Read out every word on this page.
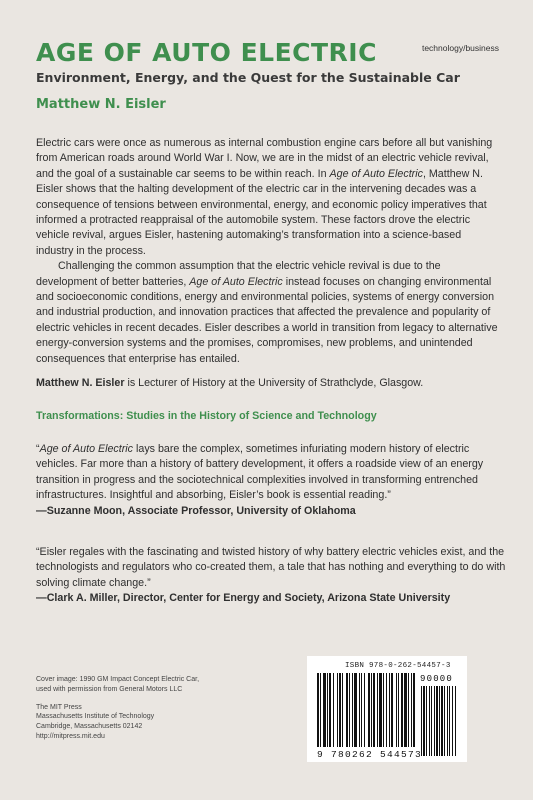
AGE OF AUTO ELECTRIC	technology/business
Environment, Energy, and the Quest for the Sustainable Car
Matthew N. Eisler

Electric cars were once as numerous as internal combustion engine cars before all but vanishing from American roads around World War I. Now, we are in the midst of an electric vehicle revival, and the goal of a sustainable car seems to be within reach. In Age of Auto Electric, Matthew N. Eisler shows that the halting development of the electric car in the intervening decades was a consequence of tensions between environmental, energy, and economic policy imperatives that informed a protracted reappraisal of the automobile system. These factors drove the electric vehicle revival, argues Eisler, hastening automaking’s transformation into a science-based industry in the process.

Challenging the common assumption that the electric vehicle revival is due to the development of better batteries, Age of Auto Electric instead focuses on changing environmental and socioeconomic conditions, energy and environmental policies, systems of energy conversion and industrial production, and innovation practices that affected the prevalence and popularity of electric vehicles in recent decades. Eisler describes a world in transition from legacy to alternative energy-conversion systems and the promises, compromises, new problems, and unintended consequences that enterprise has entailed.

Matthew N. Eisler is Lecturer of History at the University of Strathclyde, Glasgow.
Transformations: Studies in the History of Science and Technology
“Age of Auto Electric lays bare the complex, sometimes infuriating modern history of electric vehicles. Far more than a history of battery development, it offers a roadside view of an energy transition in progress and the sociotechnical complexities involved in transforming entrenched infrastructures. Insightful and absorbing, Eisler’s book is essential reading.”
—Suzanne Moon, Associate Professor, University of Oklahoma
“Eisler regales with the fascinating and twisted history of why battery electric vehicles exist, and the technologists and regulators who co-created them, a tale that has nothing and everything to do with solving climate change.”
—Clark A. Miller, Director, Center for Energy and Society, Arizona State University
Cover image: 1990 GM Impact Concept Electric Car,
used with permission from General Motors LLC
The MIT Press
Massachusetts Institute of Technology
Cambridge, Massachusetts 02142
http://mitpress.mit.edu
ISBN 978-0-262-54457-3
90000
9 780262 544573
